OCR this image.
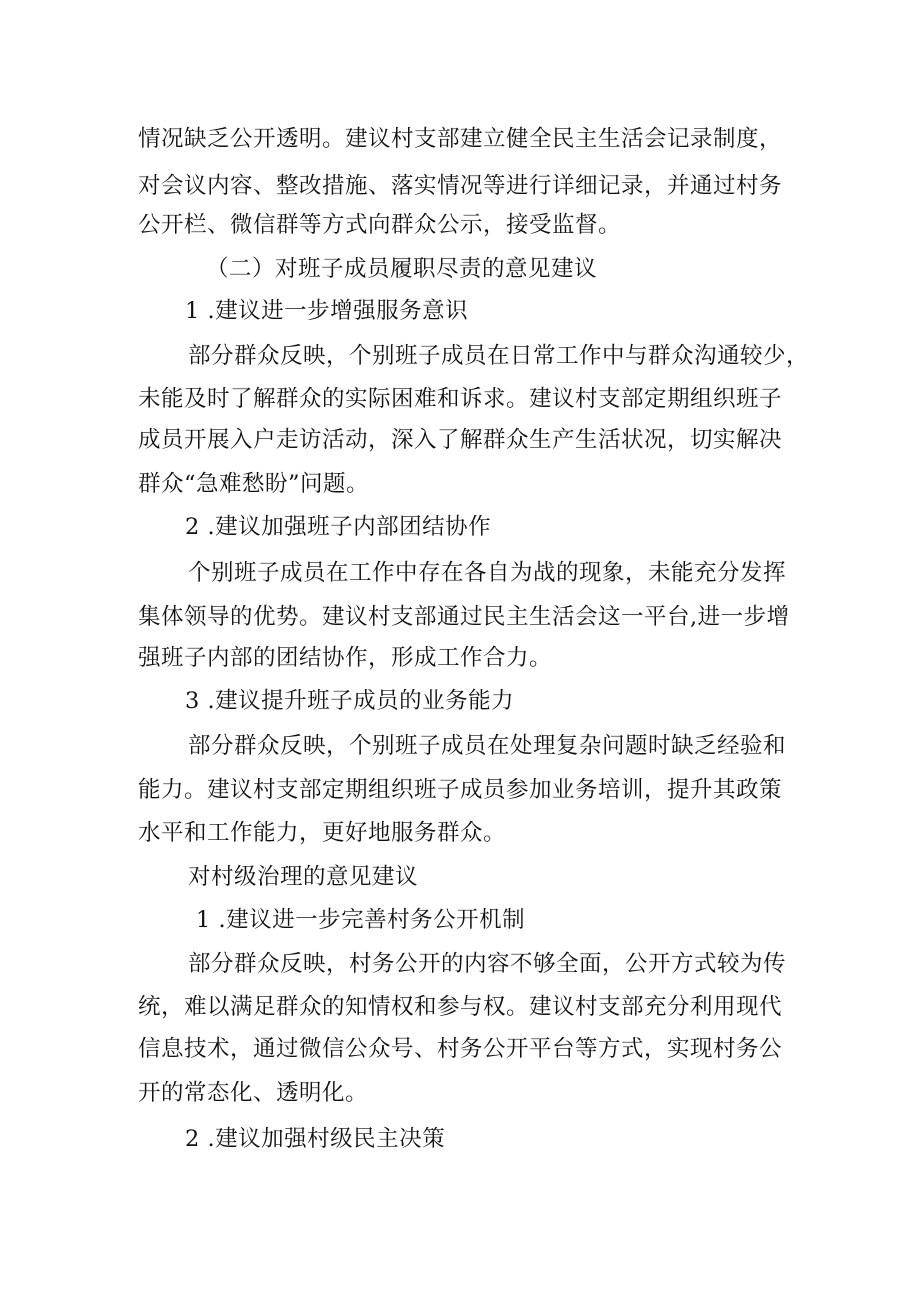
情况缺乏公开透明。建议村支部建立健全民主生活会记录制度，
对会议内容、整改措施、落实情况等进行详细记录，并通过村务
公开栏、微信群等方式向群众公示，接受监督。
（二）对班子成员履职尽责的意见建议
1 .建议进一步增强服务意识
部分群众反映，个别班子成员在日常工作中与群众沟通较少，
未能及时了解群众的实际困难和诉求。建议村支部定期组织班子
成员开展入户走访活动，深入了解群众生产生活状况，切实解决
群众“急难愁盼”问题。
2 .建议加强班子内部团结协作
个别班子成员在工作中存在各自为战的现象，未能充分发挥
集体领导的优势。建议村支部通过民主生活会这一平台,进一步增
强班子内部的团结协作，形成工作合力。
3 .建议提升班子成员的业务能力
部分群众反映，个别班子成员在处理复杂问题时缺乏经验和
能力。建议村支部定期组织班子成员参加业务培训，提升其政策
水平和工作能力，更好地服务群众。
对村级治理的意见建议
1 .建议进一步完善村务公开机制
部分群众反映，村务公开的内容不够全面，公开方式较为传
统，难以满足群众的知情权和参与权。建议村支部充分利用现代
信息技术，通过微信公众号、村务公开平台等方式，实现村务公
开的常态化、透明化。
2 .建议加强村级民主决策
